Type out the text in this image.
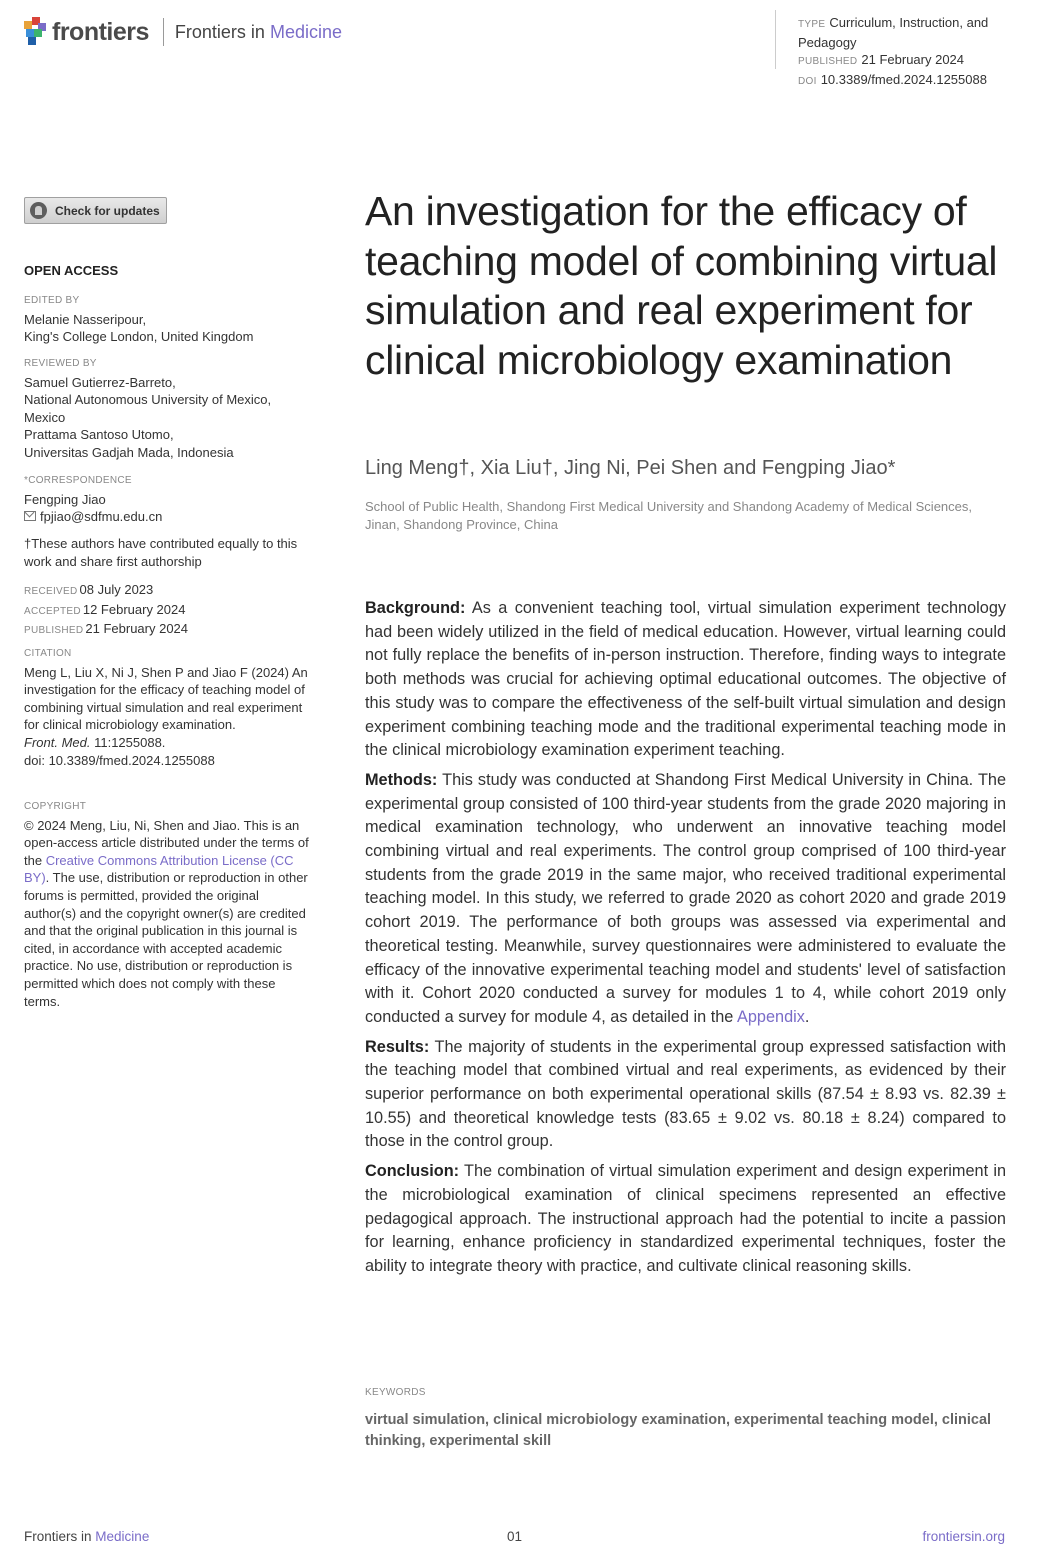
frontiers Frontiers in Medicine	TYPE Curriculum, Instruction, and Pedagogy
PUBLISHED 21 February 2024
DOI 10.3389/fmed.2024.1255088
Check for updates
OPEN ACCESS
EDITED BY
Melanie Nasseripour,
King's College London, United Kingdom
REVIEWED BY
Samuel Gutierrez-Barreto,
National Autonomous University of Mexico, Mexico
Prattama Santoso Utomo,
Universitas Gadjah Mada, Indonesia
*CORRESPONDENCE
Fengping Jiao
fpjiao@sdfmu.edu.cn
†These authors have contributed equally to this work and share first authorship
RECEIVED 08 July 2023
ACCEPTED 12 February 2024
PUBLISHED 21 February 2024
CITATION
Meng L, Liu X, Ni J, Shen P and Jiao F (2024) An investigation for the efficacy of teaching model of combining virtual simulation and real experiment for clinical microbiology examination.
Front. Med. 11:1255088.
doi: 10.3389/fmed.2024.1255088
COPYRIGHT
© 2024 Meng, Liu, Ni, Shen and Jiao. This is an open-access article distributed under the terms of the Creative Commons Attribution License (CC BY). The use, distribution or reproduction in other forums is permitted, provided the original author(s) and the copyright owner(s) are credited and that the original publication in this journal is cited, in accordance with accepted academic practice. No use, distribution or reproduction is permitted which does not comply with these terms.
An investigation for the efficacy of teaching model of combining virtual simulation and real experiment for clinical microbiology examination
Ling Meng†, Xia Liu†, Jing Ni, Pei Shen and Fengping Jiao*
School of Public Health, Shandong First Medical University and Shandong Academy of Medical Sciences, Jinan, Shandong Province, China

Background: As a convenient teaching tool, virtual simulation experiment technology had been widely utilized in the field of medical education. However, virtual learning could not fully replace the benefits of in-person instruction. Therefore, finding ways to integrate both methods was crucial for achieving optimal educational outcomes. The objective of this study was to compare the effectiveness of the self-built virtual simulation and design experiment combining teaching mode and the traditional experimental teaching mode in the clinical microbiology examination experiment teaching.

Methods: This study was conducted at Shandong First Medical University in China. The experimental group consisted of 100 third-year students from the grade 2020 majoring in medical examination technology, who underwent an innovative teaching model combining virtual and real experiments. The control group comprised of 100 third-year students from the grade 2019 in the same major, who received traditional experimental teaching model. In this study, we referred to grade 2020 as cohort 2020 and grade 2019 cohort 2019. The performance of both groups was assessed via experimental and theoretical testing. Meanwhile, survey questionnaires were administered to evaluate the efficacy of the innovative experimental teaching model and students' level of satisfaction with it. Cohort 2020 conducted a survey for modules 1 to 4, while cohort 2019 only conducted a survey for module 4, as detailed in the Appendix.

Results: The majority of students in the experimental group expressed satisfaction with the teaching model that combined virtual and real experiments, as evidenced by their superior performance on both experimental operational skills (87.54 ± 8.93 vs. 82.39 ± 10.55) and theoretical knowledge tests (83.65 ± 9.02 vs. 80.18 ± 8.24) compared to those in the control group.

Conclusion: The combination of virtual simulation experiment and design experiment in the microbiological examination of clinical specimens represented an effective pedagogical approach. The instructional approach had the potential to incite a passion for learning, enhance proficiency in standardized experimental techniques, foster the ability to integrate theory with practice, and cultivate clinical reasoning skills.

KEYWORDS
virtual simulation, clinical microbiology examination, experimental teaching model, clinical thinking, experimental skill
Frontiers in Medicine	01	frontiersin.org
